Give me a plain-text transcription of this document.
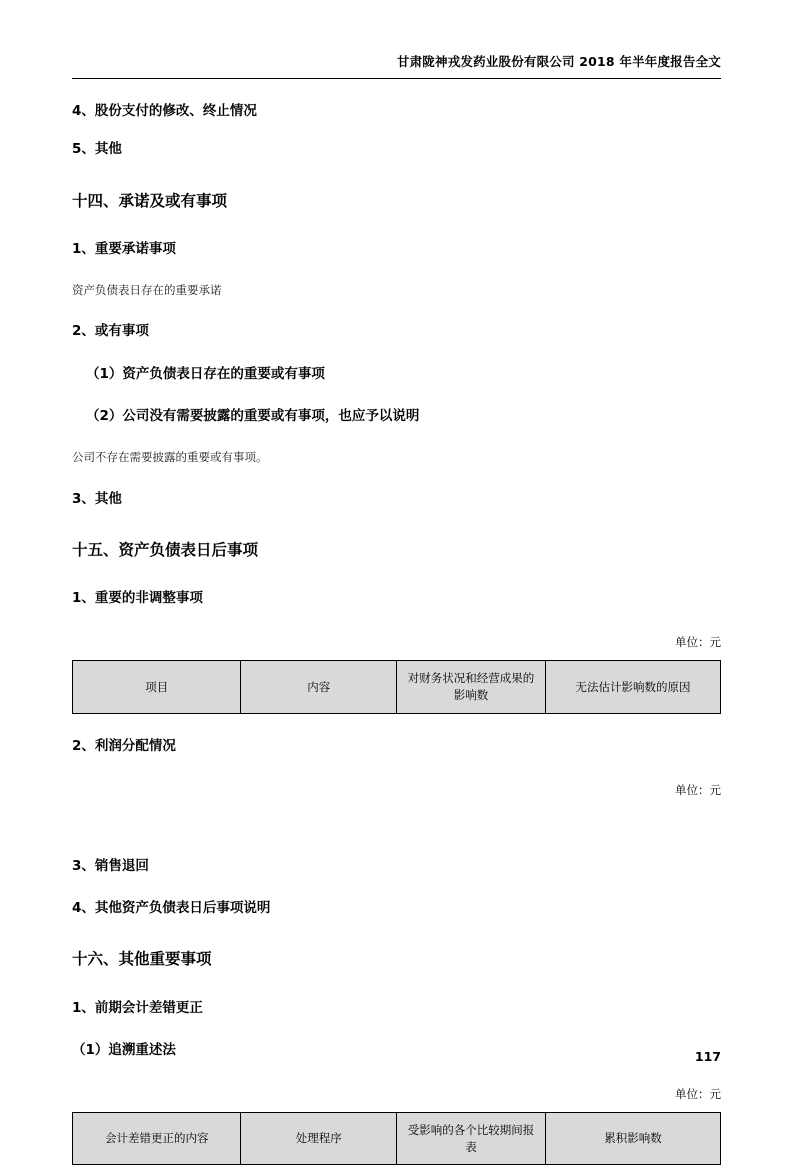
甘肃陇神戎发药业股份有限公司 2018 年半年度报告全文
4、股份支付的修改、终止情况
5、其他
十四、承诺及或有事项
1、重要承诺事项
资产负债表日存在的重要承诺
2、或有事项
（1）资产负债表日存在的重要或有事项
（2）公司没有需要披露的重要或有事项，也应予以说明
公司不存在需要披露的重要或有事项。
3、其他
十五、资产负债表日后事项
1、重要的非调整事项
单位：元
项目	内容	对财务状况和经营成果的影响数	无法估计影响数的原因
2、利润分配情况
单位：元
3、销售退回
4、其他资产负债表日后事项说明
十六、其他重要事项
1、前期会计差错更正
（1）追溯重述法
单位：元
会计差错更正的内容	处理程序	受影响的各个比较期间报表	累积影响数
117
